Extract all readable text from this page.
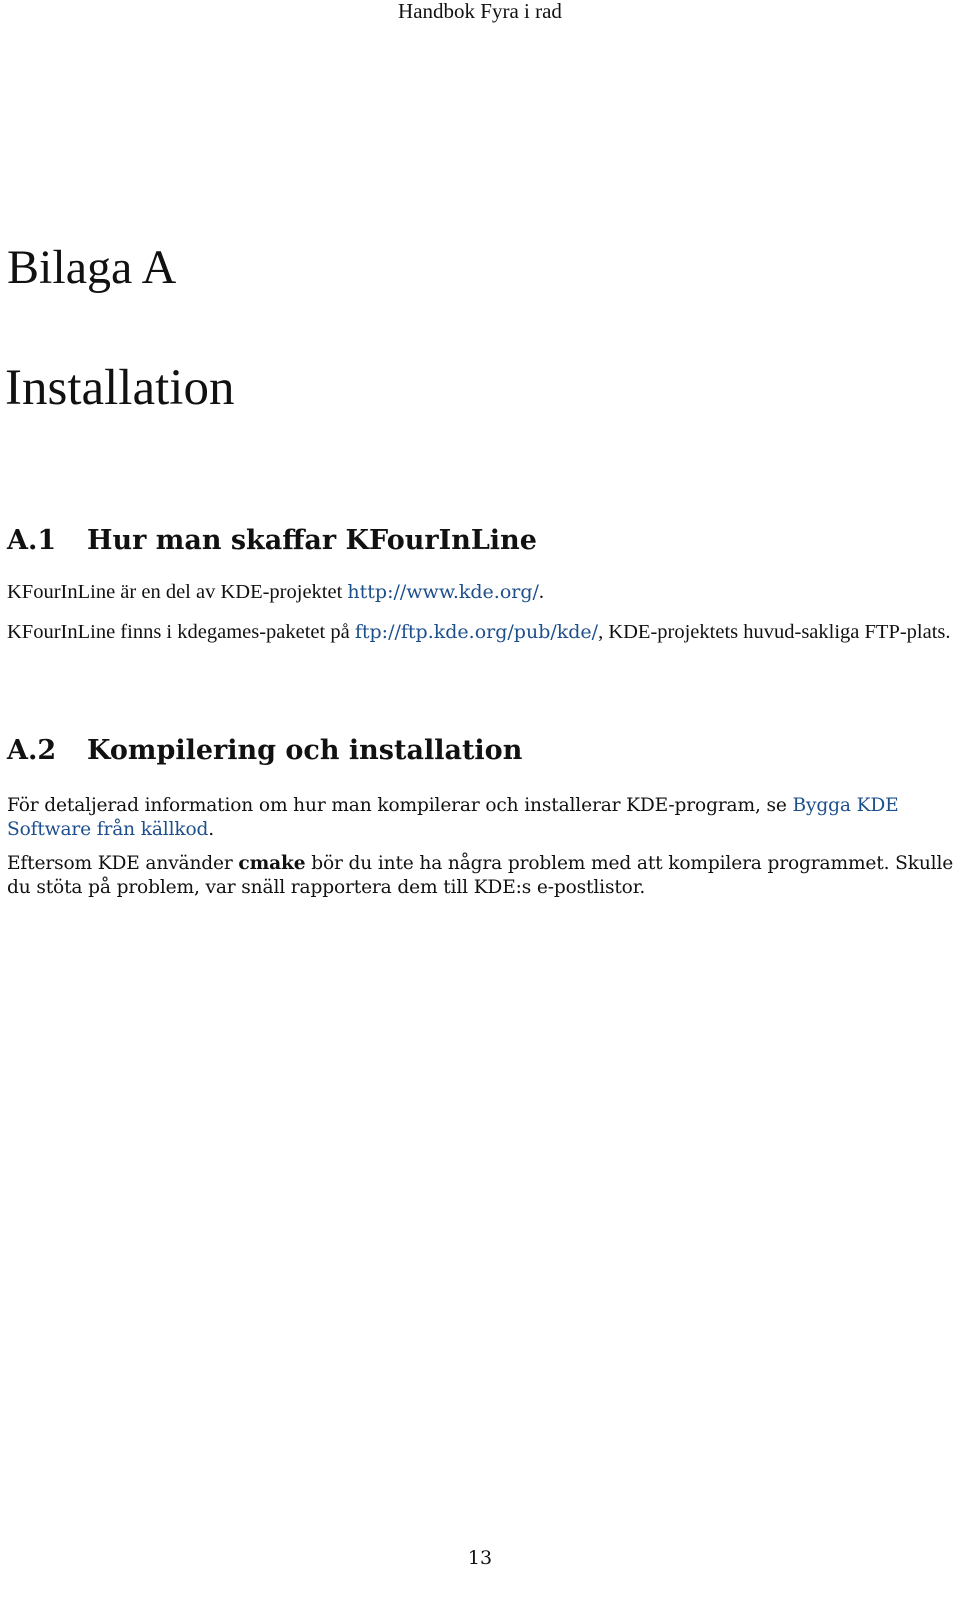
Handbok Fyra i rad
Bilaga A
Installation
A.1 Hur man skaffar KFourInLine

KFourInLine är en del av KDE-projektet http://www.kde.org/.

KFourInLine finns i kdegames-paketet på ftp://ftp.kde.org/pub/kde/, KDE-projektets huvud-sakliga FTP-plats.

A.2 Kompilering och installation

För detaljerad information om hur man kompilerar och installerar KDE-program, se Bygga KDE Software från källkod.

Eftersom KDE använder cmake bör du inte ha några problem med att kompilera programmet. Skulle du stöta på problem, var snäll rapportera dem till KDE:s e-postlistor.

13
